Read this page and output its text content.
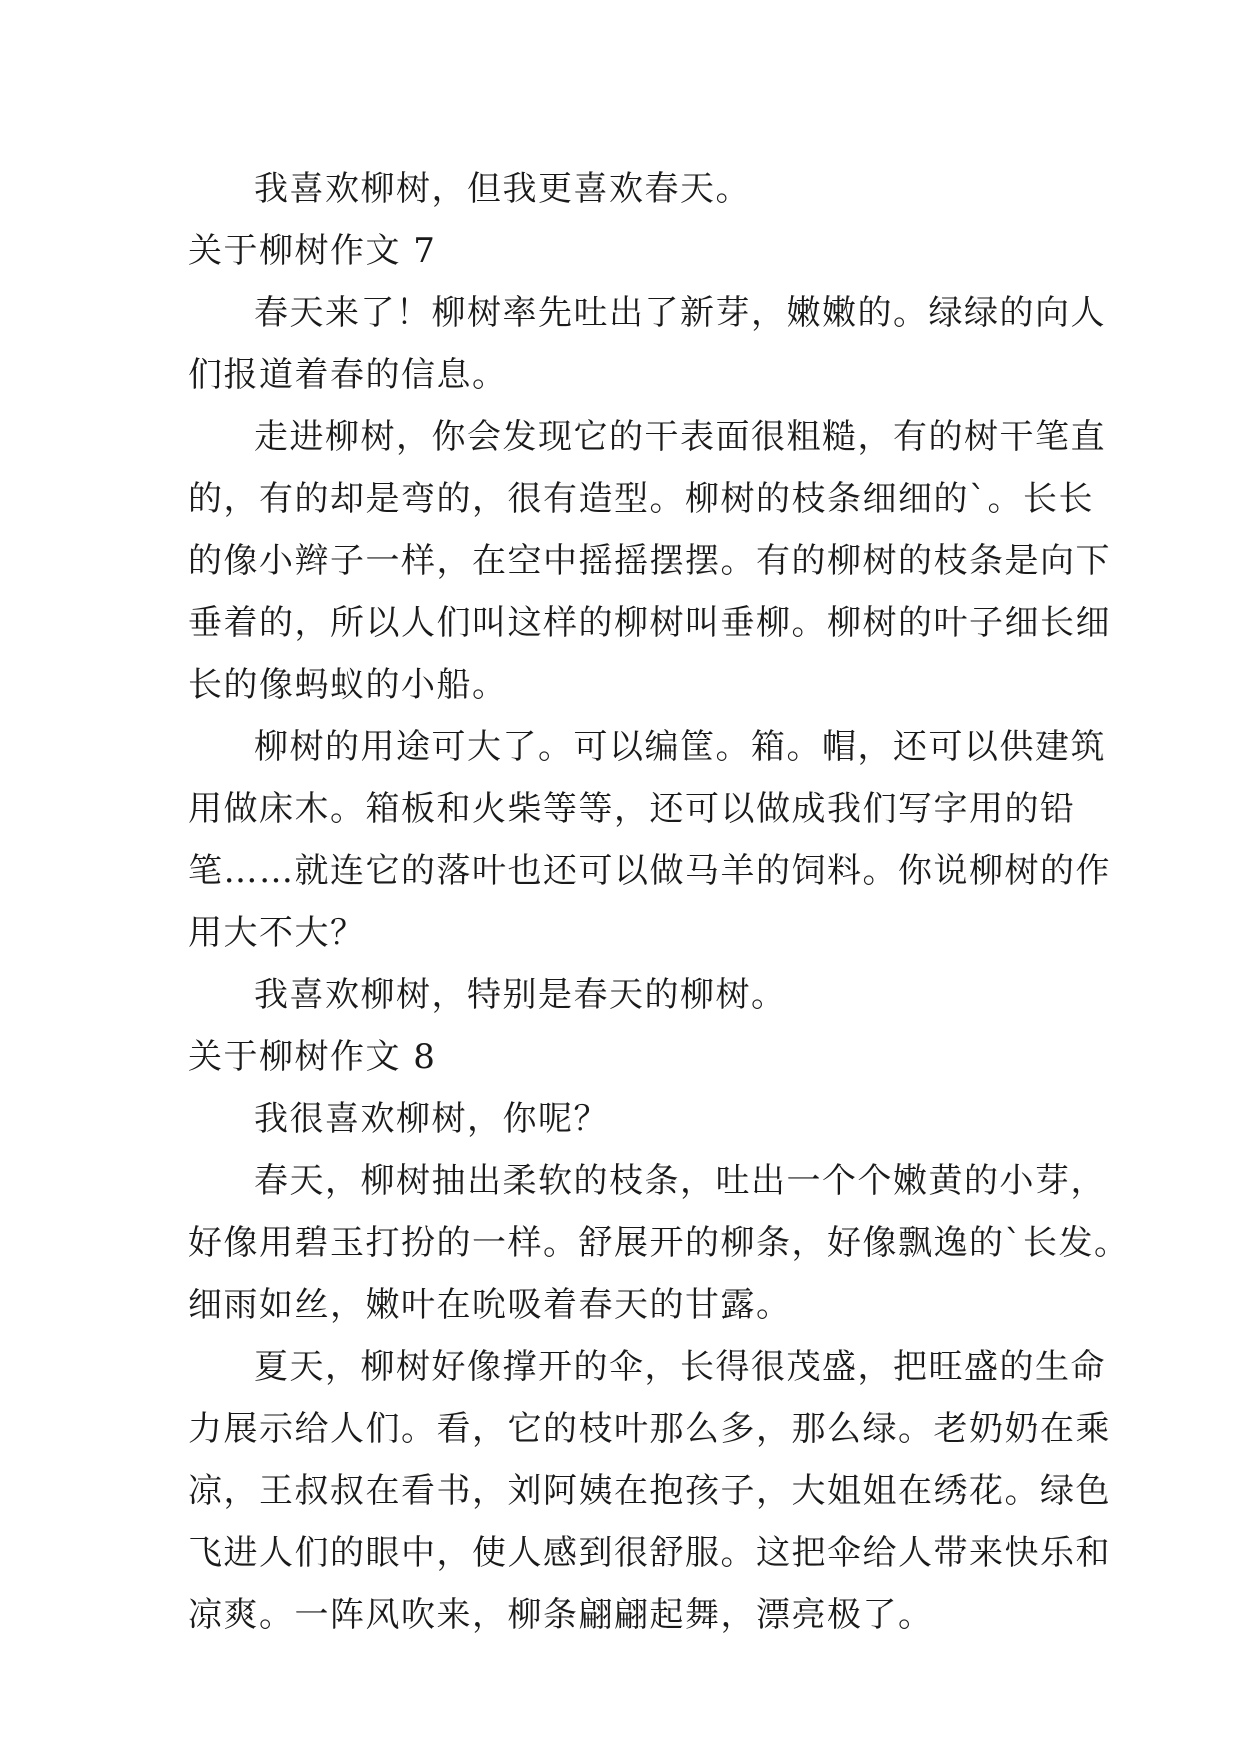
我喜欢柳树，但我更喜欢春天。
关于柳树作文 7
春天来了！柳树率先吐出了新芽，嫩嫩的。绿绿的向人
们报道着春的信息。
走进柳树，你会发现它的干表面很粗糙，有的树干笔直
的，有的却是弯的，很有造型。柳树的枝条细细的`。长长
的像小辫子一样，在空中摇摇摆摆。有的柳树的枝条是向下
垂着的，所以人们叫这样的柳树叫垂柳。柳树的叶子细长细
长的像蚂蚁的小船。
柳树的用途可大了。可以编筐。箱。帽，还可以供建筑
用做床木。箱板和火柴等等，还可以做成我们写字用的铅
笔……就连它的落叶也还可以做马羊的饲料。你说柳树的作
用大不大？
我喜欢柳树，特别是春天的柳树。
关于柳树作文 8
我很喜欢柳树，你呢？
春天，柳树抽出柔软的枝条，吐出一个个嫩黄的小芽，
好像用碧玉打扮的一样。舒展开的柳条，好像飘逸的`长发。
细雨如丝，嫩叶在吮吸着春天的甘露。
夏天，柳树好像撑开的伞，长得很茂盛，把旺盛的生命
力展示给人们。看，它的枝叶那么多，那么绿。老奶奶在乘
凉，王叔叔在看书，刘阿姨在抱孩子，大姐姐在绣花。绿色
飞进人们的眼中，使人感到很舒服。这把伞给人带来快乐和
凉爽。一阵风吹来，柳条翩翩起舞，漂亮极了。
